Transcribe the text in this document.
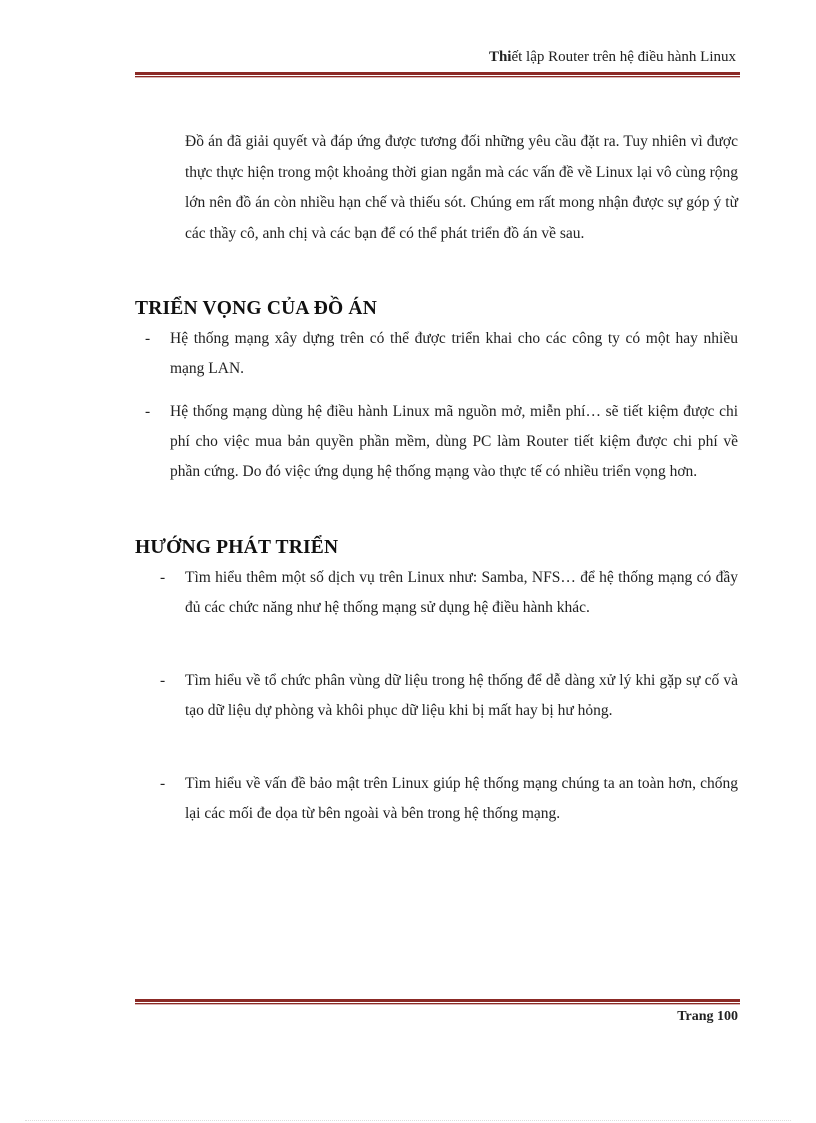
Thiết lập Router trên hệ điều hành Linux
Đồ án đã giải quyết và đáp ứng được tương đối những yêu cầu đặt ra. Tuy nhiên vì được thực thực hiện trong một khoảng thời gian ngắn mà các vấn đề về Linux lại vô cùng rộng lớn nên đồ án còn nhiều hạn chế và thiếu sót. Chúng em rất mong nhận được sự góp ý từ các thầy cô, anh chị và các bạn để có thể phát triển đồ án về sau.
TRIỂN VỌNG CỦA ĐỒ ÁN
- Hệ thống mạng xây dựng trên có thể được triển khai cho các công ty có một hay nhiều mạng LAN.
- Hệ thống mạng dùng hệ điều hành Linux mã nguồn mở, miễn phí… sẽ tiết kiệm được chi phí cho việc mua bản quyền phần mềm, dùng PC làm Router tiết kiệm được chi phí về phần cứng. Do đó việc ứng dụng hệ thống mạng vào thực tế có nhiều triển vọng hơn.
HƯỚNG PHÁT TRIỂN
- Tìm hiểu thêm một số dịch vụ trên Linux như: Samba, NFS… để hệ thống mạng có đầy đủ các chức năng như hệ thống mạng sử dụng hệ điều hành khác.
- Tìm hiểu về tổ chức phân vùng dữ liệu trong hệ thống để dễ dàng xử lý khi gặp sự cố và tạo dữ liệu dự phòng và khôi phục dữ liệu khi bị mất hay bị hư hỏng.
- Tìm hiểu về vấn đề bảo mật trên Linux giúp hệ thống mạng chúng ta an toàn hơn, chống lại các mối đe dọa từ bên ngoài và bên trong hệ thống mạng.
Trang 100
